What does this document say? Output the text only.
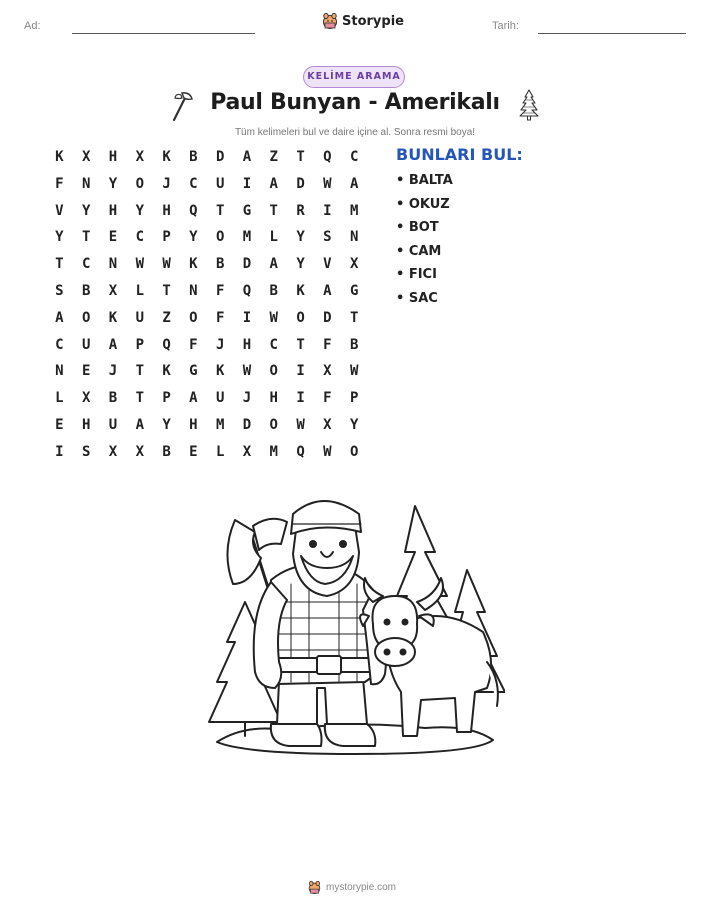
Ad:	Storypie	Tarih:
KELİME ARAMA
Paul Bunyan - Amerikalı
Tüm kelimeleri bul ve daire içine al. Sonra resmi boya!
K	X	H	X	K	B	D	A	Z	T	Q	C
F	N	Y	O	J	C	U	I	A	D	W	A
V	Y	H	Y	H	Q	T	G	T	R	I	M
Y	T	E	C	P	Y	O	M	L	Y	S	N
T	C	N	W	W	K	B	D	A	Y	V	X
S	B	X	L	T	N	F	Q	B	K	A	G
A	O	K	U	Z	O	F	I	W	O	D	T
C	U	A	P	Q	F	J	H	C	T	F	B
N	E	J	T	K	G	K	W	O	I	X	W
L	X	B	T	P	A	U	J	H	I	F	P
E	H	U	A	Y	H	M	D	O	W	X	Y
I	S	X	X	B	E	L	X	M	Q	W	O
BUNLARI BUL:
• BALTA
• OKUZ
• BOT
• CAM
• FICI
• SAC
mystorypie.com
